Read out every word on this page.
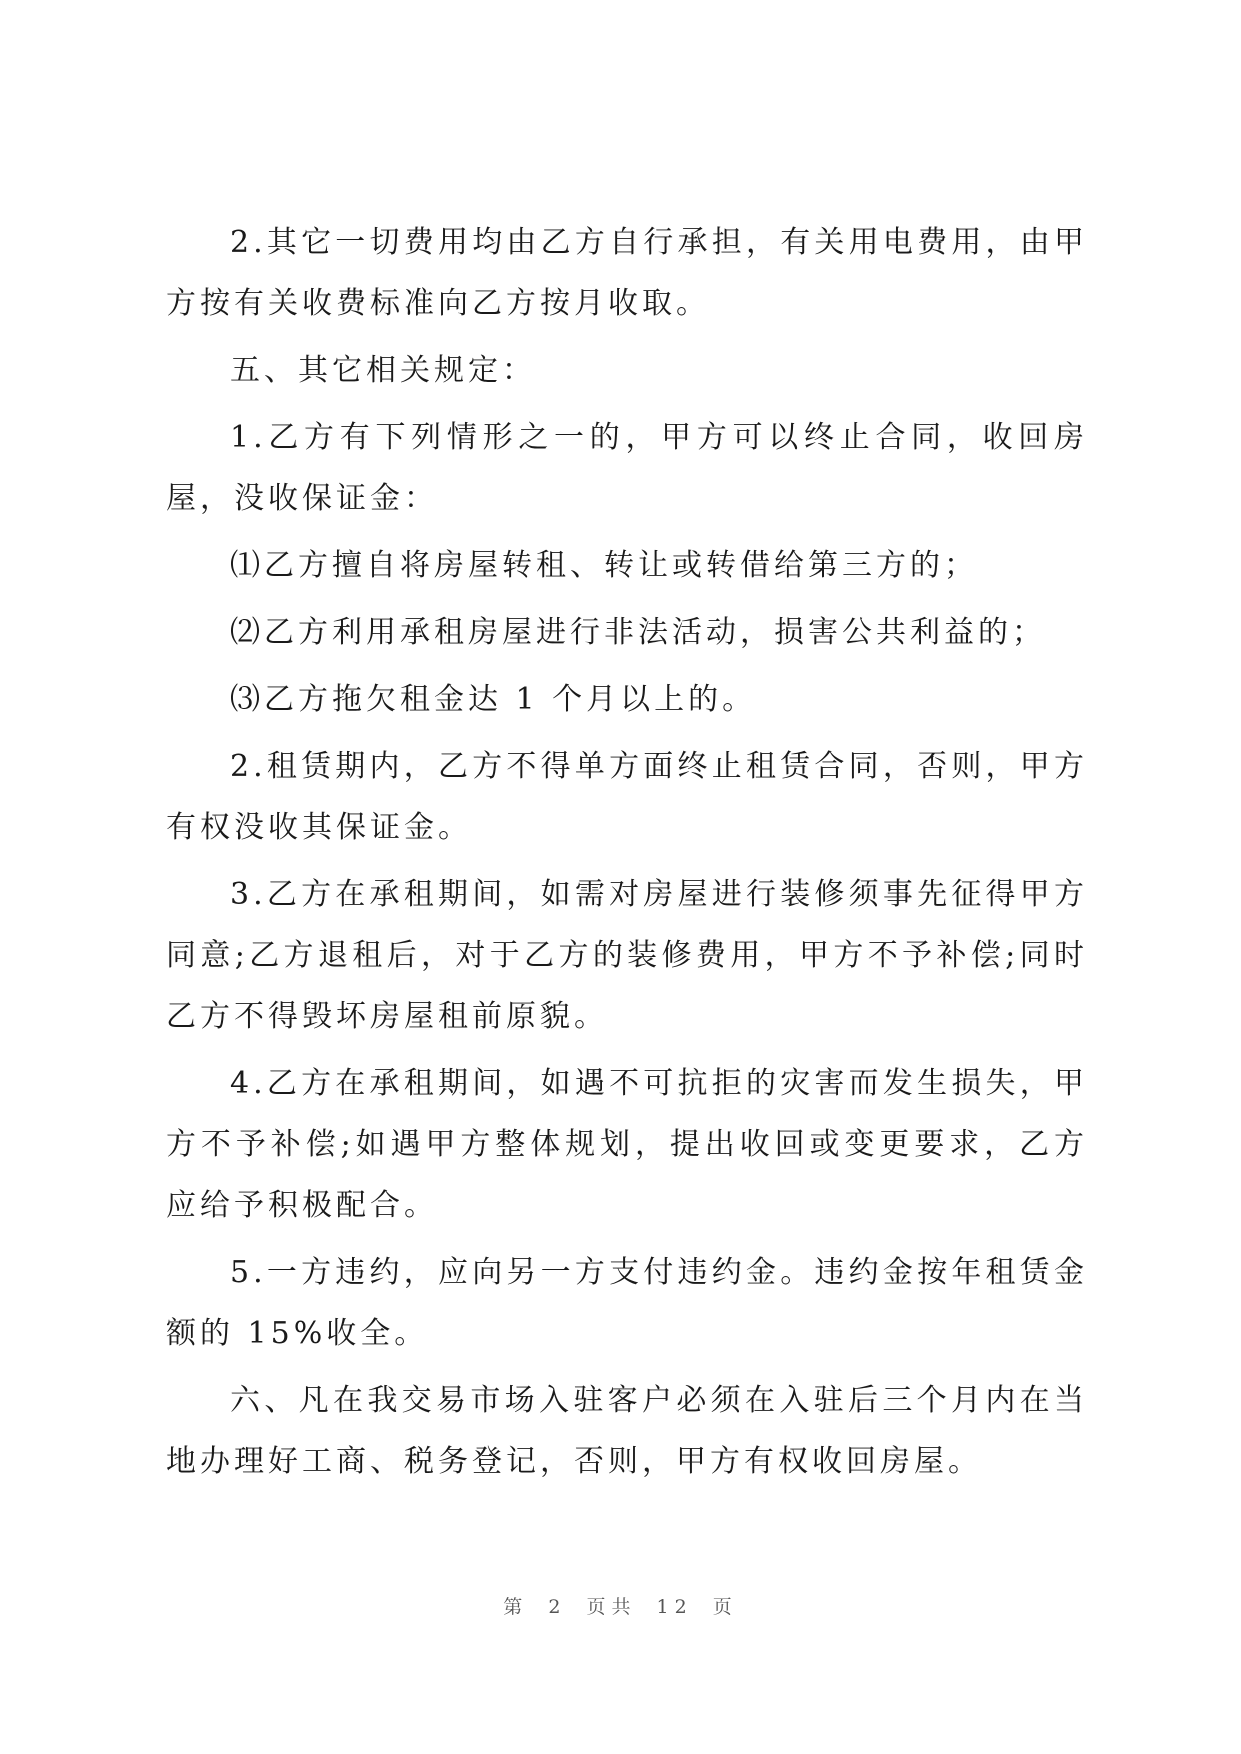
2.其它一切费用均由乙方自行承担，有关用电费用，由甲方按有关收费标准向乙方按月收取。

五、其它相关规定：

1.乙方有下列情形之一的，甲方可以终止合同，收回房屋，没收保证金：

⑴乙方擅自将房屋转租、转让或转借给第三方的；

⑵乙方利用承租房屋进行非法活动，损害公共利益的；

⑶乙方拖欠租金达 1 个月以上的。

2.租赁期内，乙方不得单方面终止租赁合同，否则，甲方有权没收其保证金。

3.乙方在承租期间，如需对房屋进行装修须事先征得甲方同意;乙方退租后，对于乙方的装修费用，甲方不予补偿;同时乙方不得毁坏房屋租前原貌。

4.乙方在承租期间，如遇不可抗拒的灾害而发生损失，甲方不予补偿;如遇甲方整体规划，提出收回或变更要求，乙方应给予积极配合。

5.一方违约，应向另一方支付违约金。违约金按年租赁金额的 15%收全。

六、凡在我交易市场入驻客户必须在入驻后三个月内在当地办理好工商、税务登记，否则，甲方有权收回房屋。

第 2 页共 12 页
